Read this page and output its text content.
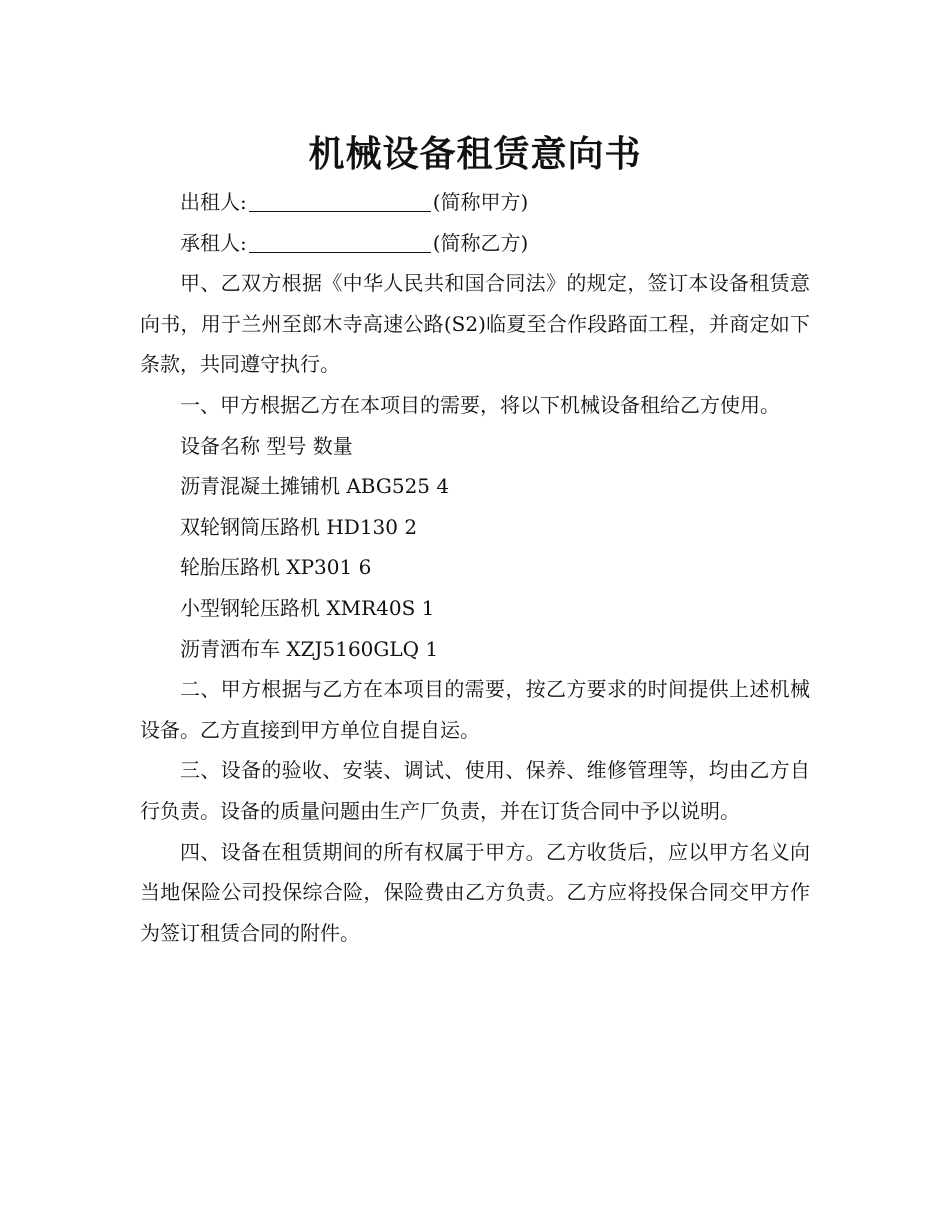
机械设备租赁意向书

出租人:	(简称甲方)

承租人:	(简称乙方)

甲、乙双方根据《中华人民共和国合同法》的规定，签订本设备租赁意向书，用于兰州至郎木寺高速公路(S2)临夏至合作段路面工程，并商定如下条款，共同遵守执行。

一、甲方根据乙方在本项目的需要，将以下机械设备租给乙方使用。

设备名称 型号 数量

沥青混凝土摊铺机 ABG525 4

双轮钢筒压路机 HD130 2

轮胎压路机 XP301 6

小型钢轮压路机 XMR40S 1

沥青洒布车 XZJ5160GLQ 1

二、甲方根据与乙方在本项目的需要，按乙方要求的时间提供上述机械设备。乙方直接到甲方单位自提自运。

三、设备的验收、安装、调试、使用、保养、维修管理等，均由乙方自行负责。设备的质量问题由生产厂负责，并在订货合同中予以说明。

四、设备在租赁期间的所有权属于甲方。乙方收货后，应以甲方名义向当地保险公司投保综合险，保险费由乙方负责。乙方应将投保合同交甲方作为签订租赁合同的附件。
